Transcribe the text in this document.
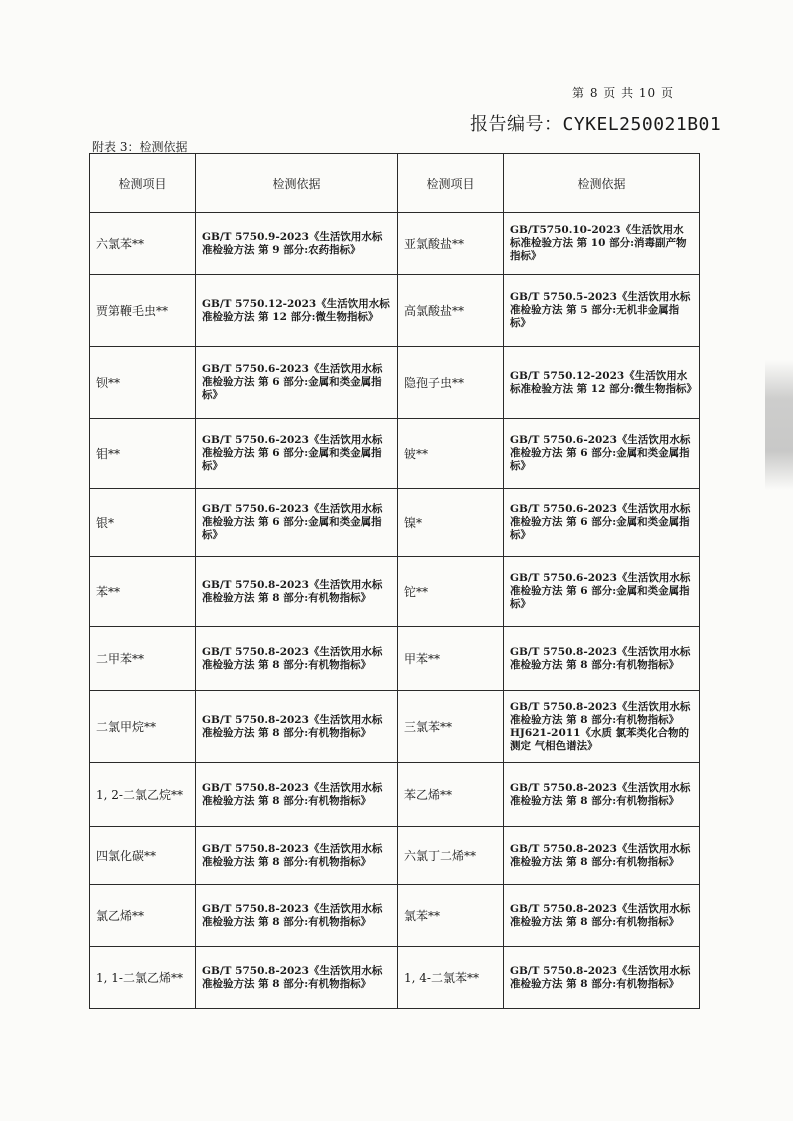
第 8 页 共 10 页
报告编号：CYKEL250021B01
附表 3：检测依据
检测项目	检测依据	检测项目	检测依据
六氯苯**	GB/T 5750.9-2023《生活饮用水标准检验方法 第 9 部分:农药指标》	亚氯酸盐**	GB/T5750.10-2023《生活饮用水标准检验方法 第 10 部分:消毒副产物指标》
贾第鞭毛虫**	GB/T 5750.12-2023《生活饮用水标准检验方法 第 12 部分:微生物指标》	高氯酸盐**	GB/T 5750.5-2023《生活饮用水标准检验方法 第 5 部分:无机非金属指标》
钡**	GB/T 5750.6-2023《生活饮用水标准检验方法 第 6 部分:金属和类金属指标》	隐孢子虫**	GB/T 5750.12-2023《生活饮用水标准检验方法 第 12 部分:微生物指标》
钼**	GB/T 5750.6-2023《生活饮用水标准检验方法 第 6 部分:金属和类金属指标》	铍**	GB/T 5750.6-2023《生活饮用水标准检验方法 第 6 部分:金属和类金属指标》
银*	GB/T 5750.6-2023《生活饮用水标准检验方法 第 6 部分:金属和类金属指标》	镍*	GB/T 5750.6-2023《生活饮用水标准检验方法 第 6 部分:金属和类金属指标》
苯**	GB/T 5750.8-2023《生活饮用水标准检验方法 第 8 部分:有机物指标》	铊**	GB/T 5750.6-2023《生活饮用水标准检验方法 第 6 部分:金属和类金属指标》
二甲苯**	GB/T 5750.8-2023《生活饮用水标准检验方法 第 8 部分:有机物指标》	甲苯**	GB/T 5750.8-2023《生活饮用水标准检验方法 第 8 部分:有机物指标》
二氯甲烷**	GB/T 5750.8-2023《生活饮用水标准检验方法 第 8 部分:有机物指标》	三氯苯**	GB/T 5750.8-2023《生活饮用水标准检验方法 第 8 部分:有机物指标》 HJ621-2011《水质 氯苯类化合物的测定 气相色谱法》
1, 2-二氯乙烷**	GB/T 5750.8-2023《生活饮用水标准检验方法 第 8 部分:有机物指标》	苯乙烯**	GB/T 5750.8-2023《生活饮用水标准检验方法 第 8 部分:有机物指标》
四氯化碳**	GB/T 5750.8-2023《生活饮用水标准检验方法 第 8 部分:有机物指标》	六氯丁二烯**	GB/T 5750.8-2023《生活饮用水标准检验方法 第 8 部分:有机物指标》
氯乙烯**	GB/T 5750.8-2023《生活饮用水标准检验方法 第 8 部分:有机物指标》	氯苯**	GB/T 5750.8-2023《生活饮用水标准检验方法 第 8 部分:有机物指标》
1, 1-二氯乙烯**	GB/T 5750.8-2023《生活饮用水标准检验方法 第 8 部分:有机物指标》	1, 4-二氯苯**	GB/T 5750.8-2023《生活饮用水标准检验方法 第 8 部分:有机物指标》
